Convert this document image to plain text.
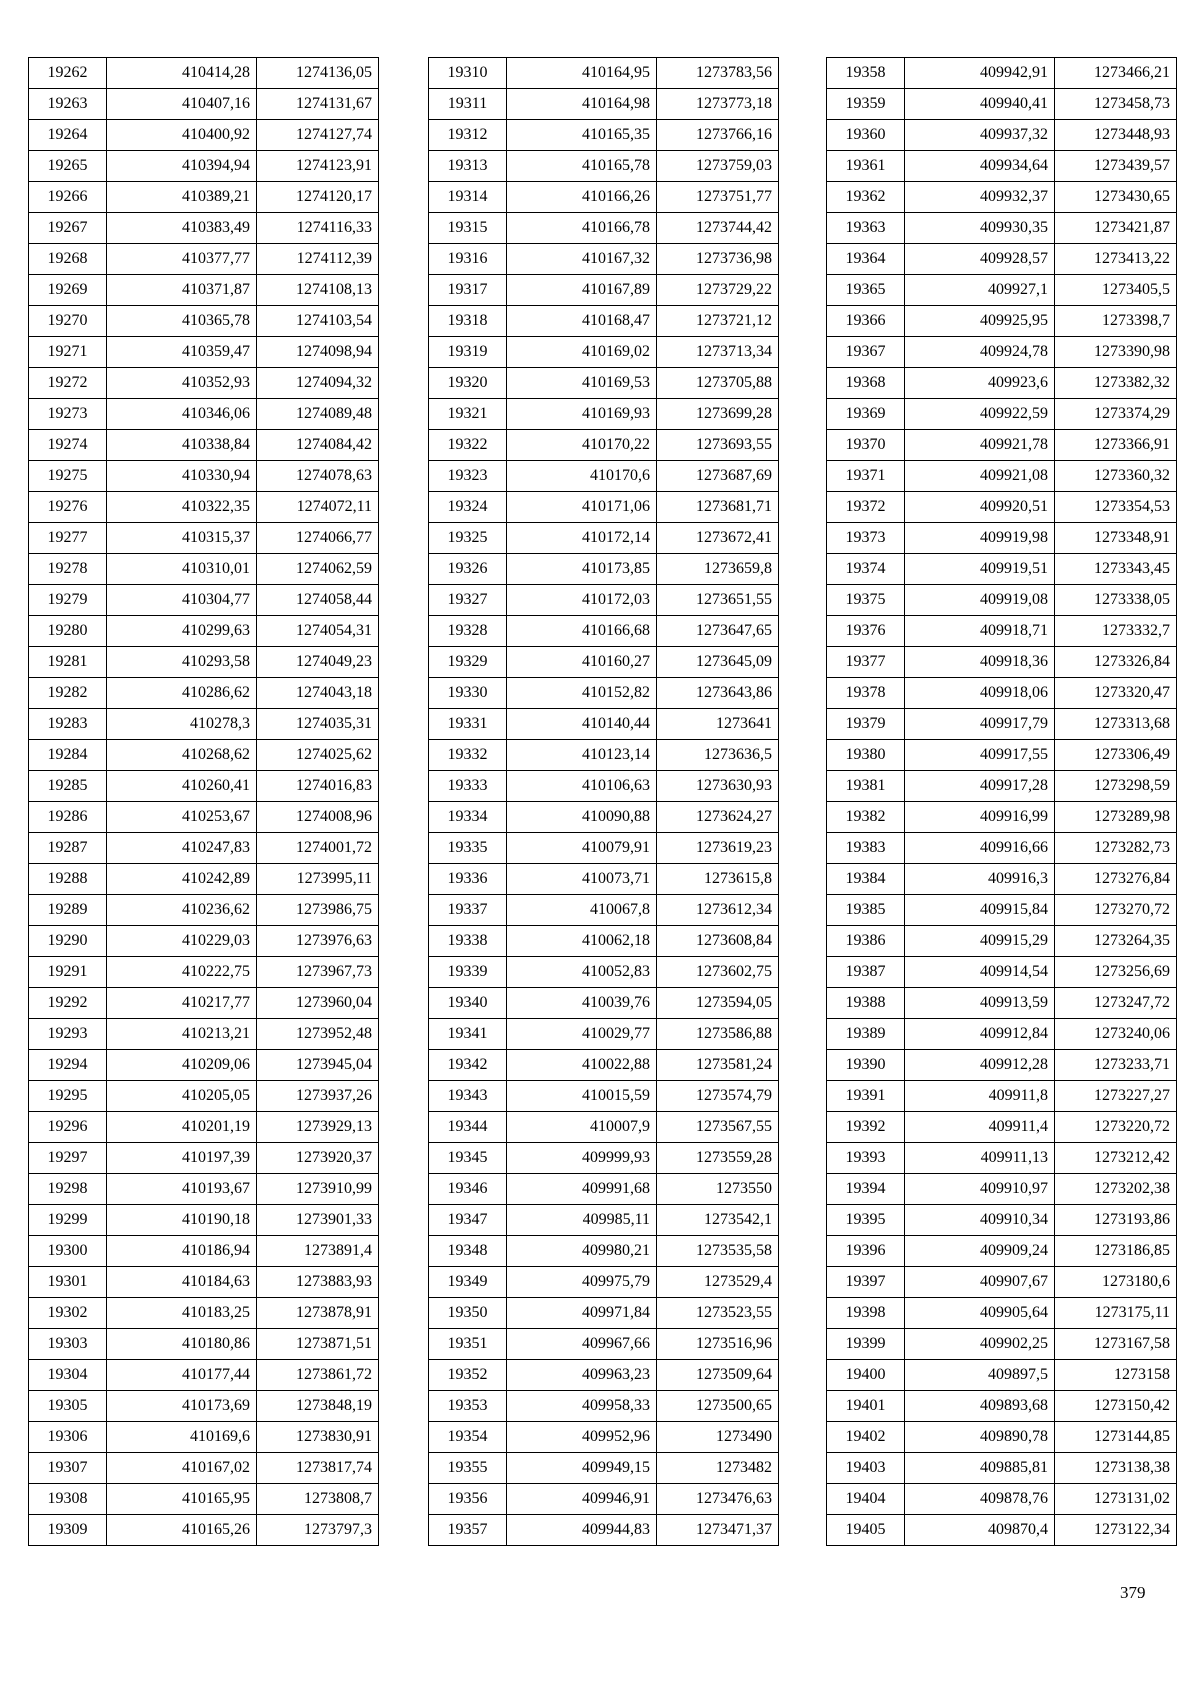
19262	410414,28	1274136,05
19263	410407,16	1274131,67
19264	410400,92	1274127,74
19265	410394,94	1274123,91
19266	410389,21	1274120,17
19267	410383,49	1274116,33
19268	410377,77	1274112,39
19269	410371,87	1274108,13
19270	410365,78	1274103,54
19271	410359,47	1274098,94
19272	410352,93	1274094,32
19273	410346,06	1274089,48
19274	410338,84	1274084,42
19275	410330,94	1274078,63
19276	410322,35	1274072,11
19277	410315,37	1274066,77
19278	410310,01	1274062,59
19279	410304,77	1274058,44
19280	410299,63	1274054,31
19281	410293,58	1274049,23
19282	410286,62	1274043,18
19283	410278,3	1274035,31
19284	410268,62	1274025,62
19285	410260,41	1274016,83
19286	410253,67	1274008,96
19287	410247,83	1274001,72
19288	410242,89	1273995,11
19289	410236,62	1273986,75
19290	410229,03	1273976,63
19291	410222,75	1273967,73
19292	410217,77	1273960,04
19293	410213,21	1273952,48
19294	410209,06	1273945,04
19295	410205,05	1273937,26
19296	410201,19	1273929,13
19297	410197,39	1273920,37
19298	410193,67	1273910,99
19299	410190,18	1273901,33
19300	410186,94	1273891,4
19301	410184,63	1273883,93
19302	410183,25	1273878,91
19303	410180,86	1273871,51
19304	410177,44	1273861,72
19305	410173,69	1273848,19
19306	410169,6	1273830,91
19307	410167,02	1273817,74
19308	410165,95	1273808,7
19309	410165,26	1273797,3
19310	410164,95	1273783,56
19311	410164,98	1273773,18
19312	410165,35	1273766,16
19313	410165,78	1273759,03
19314	410166,26	1273751,77
19315	410166,78	1273744,42
19316	410167,32	1273736,98
19317	410167,89	1273729,22
19318	410168,47	1273721,12
19319	410169,02	1273713,34
19320	410169,53	1273705,88
19321	410169,93	1273699,28
19322	410170,22	1273693,55
19323	410170,6	1273687,69
19324	410171,06	1273681,71
19325	410172,14	1273672,41
19326	410173,85	1273659,8
19327	410172,03	1273651,55
19328	410166,68	1273647,65
19329	410160,27	1273645,09
19330	410152,82	1273643,86
19331	410140,44	1273641
19332	410123,14	1273636,5
19333	410106,63	1273630,93
19334	410090,88	1273624,27
19335	410079,91	1273619,23
19336	410073,71	1273615,8
19337	410067,8	1273612,34
19338	410062,18	1273608,84
19339	410052,83	1273602,75
19340	410039,76	1273594,05
19341	410029,77	1273586,88
19342	410022,88	1273581,24
19343	410015,59	1273574,79
19344	410007,9	1273567,55
19345	409999,93	1273559,28
19346	409991,68	1273550
19347	409985,11	1273542,1
19348	409980,21	1273535,58
19349	409975,79	1273529,4
19350	409971,84	1273523,55
19351	409967,66	1273516,96
19352	409963,23	1273509,64
19353	409958,33	1273500,65
19354	409952,96	1273490
19355	409949,15	1273482
19356	409946,91	1273476,63
19357	409944,83	1273471,37
19358	409942,91	1273466,21
19359	409940,41	1273458,73
19360	409937,32	1273448,93
19361	409934,64	1273439,57
19362	409932,37	1273430,65
19363	409930,35	1273421,87
19364	409928,57	1273413,22
19365	409927,1	1273405,5
19366	409925,95	1273398,7
19367	409924,78	1273390,98
19368	409923,6	1273382,32
19369	409922,59	1273374,29
19370	409921,78	1273366,91
19371	409921,08	1273360,32
19372	409920,51	1273354,53
19373	409919,98	1273348,91
19374	409919,51	1273343,45
19375	409919,08	1273338,05
19376	409918,71	1273332,7
19377	409918,36	1273326,84
19378	409918,06	1273320,47
19379	409917,79	1273313,68
19380	409917,55	1273306,49
19381	409917,28	1273298,59
19382	409916,99	1273289,98
19383	409916,66	1273282,73
19384	409916,3	1273276,84
19385	409915,84	1273270,72
19386	409915,29	1273264,35
19387	409914,54	1273256,69
19388	409913,59	1273247,72
19389	409912,84	1273240,06
19390	409912,28	1273233,71
19391	409911,8	1273227,27
19392	409911,4	1273220,72
19393	409911,13	1273212,42
19394	409910,97	1273202,38
19395	409910,34	1273193,86
19396	409909,24	1273186,85
19397	409907,67	1273180,6
19398	409905,64	1273175,11
19399	409902,25	1273167,58
19400	409897,5	1273158
19401	409893,68	1273150,42
19402	409890,78	1273144,85
19403	409885,81	1273138,38
19404	409878,76	1273131,02
19405	409870,4	1273122,34
379
